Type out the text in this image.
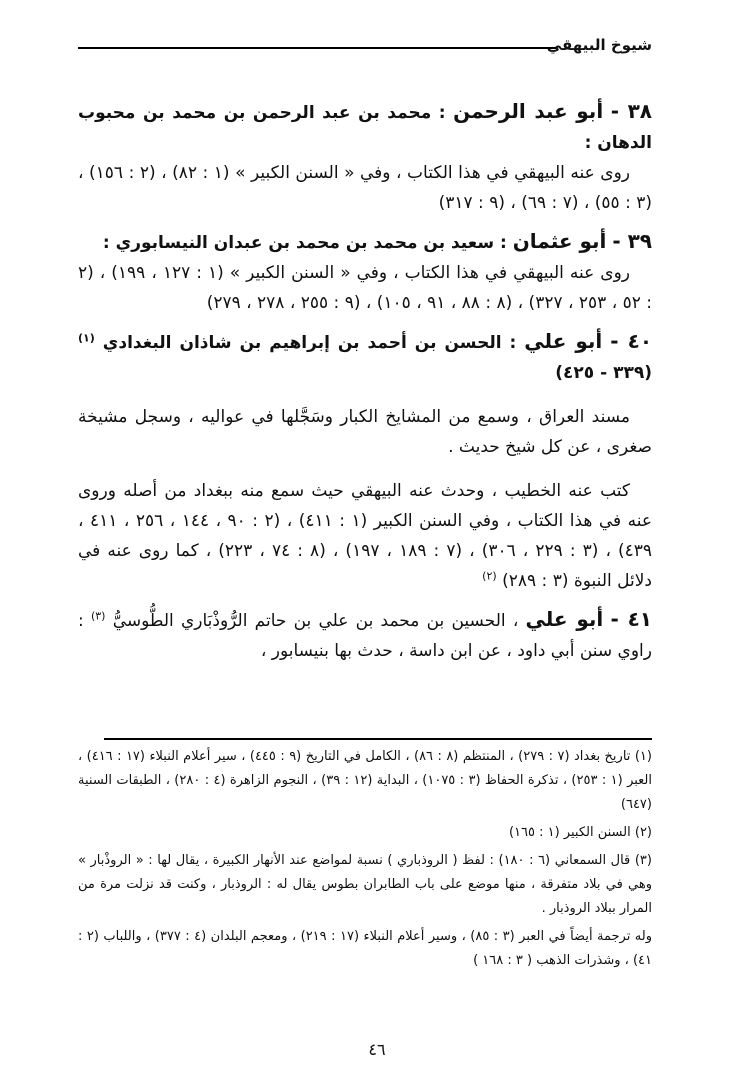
شيوخ البيهقي
٣٨ - أبو عبد الرحمن : محمد بن عبد الرحمن بن محمد بن محبوب الدهان :

روى عنه البيهقي في هذا الكتاب ، وفي « السنن الكبير » (١ : ٨٢) ، (٢ : ١٥٦) ، (٣ : ٥٥) ، (٧ : ٦٩) ، (٩ : ٣١٧)

٣٩ - أبو عثمان : سعيد بن محمد بن محمد بن عبدان النيسابوري :

روى عنه البيهقي في هذا الكتاب ، وفي « السنن الكبير » (١ : ١٢٧ ، ١٩٩) ، (٢ : ٥٢ ، ٢٥٣ ، ٣٢٧) ، (٨ : ٨٨ ، ٩١ ، ١٠٥) ، (٩ : ٢٥٥ ، ٢٧٨ ، ٢٧٩)

٤٠ - أبو علي : الحسن بن أحمد بن إبراهيم بن شاذان البغدادي $^{(١)}$ (٣٣٩ - ٤٢٥)

مسند العراق ، وسمع من المشايخ الكبار وسَجَّلها في عواليه ، وسجل مشيخة صغرى ، عن كل شيخ حديث .

كتب عنه الخطيب ، وحدث عنه البيهقي حيث سمع منه ببغداد من أصله وروى عنه في هذا الكتاب ، وفي السنن الكبير (١ : ٤١١) ، (٢ : ٩٠ ، ١٤٤ ، ٢٥٦ ، ٤١١ ، ٤٣٩) ، (٣ : ٢٢٩ ، ٣٠٦) ، (٧ : ١٨٩ ، ١٩٧) ، (٨ : ٧٤ ، ٢٢٣) ، كما روى عنه في دلائل النبوة (٣ : ٢٨٩) $^{(٢)}$

٤١ - أبو علي ، الحسين بن محمد بن علي بن حاتم الرُّوذْبَاري الطُّوسيُّ $^{(٣)}$ : راوي سنن أبي داود ، عن ابن داسة ، حدث بها بنيسابور ،

(١) تاريخ بغداد (٧ : ٢٧٩) ، المنتظم (٨ : ٨٦) ، الكامل في التاريخ (٩ : ٤٤٥) ، سير أعلام النبلاء (١٧ : ٤١٦) ، العبر (١ : ٢٥٣) ، تذكرة الحفاظ (٣ : ١٠٧٥) ، البداية (١٢ : ٣٩) ، النجوم الزاهرة (٤ : ٢٨٠) ، الطبقات السنية (٦٤٧)

(٢) السنن الكبير (١ : ١٦٥)

(٣) قال السمعاني (٦ : ١٨٠) : لفظ ( الروذباري ) نسبة لمواضع عند الأنهار الكبيرة ، يقال لها : « الروذْبار » وهي في بلاد متفرقة ، منها موضع على باب الطابران بطوس يقال له : الروذبار ، وكنت قد نزلت مرة من المرار ببلاد الروذبار .

وله ترجمة أيضاً في العبر (٣ : ٨٥) ، وسير أعلام النبلاء (١٧ : ٢١٩) ، ومعجم البلدان (٤ : ٣٧٧) ، واللباب (٢ : ٤١) ، وشذرات الذهب ( ٣ : ١٦٨ )

٤٦
